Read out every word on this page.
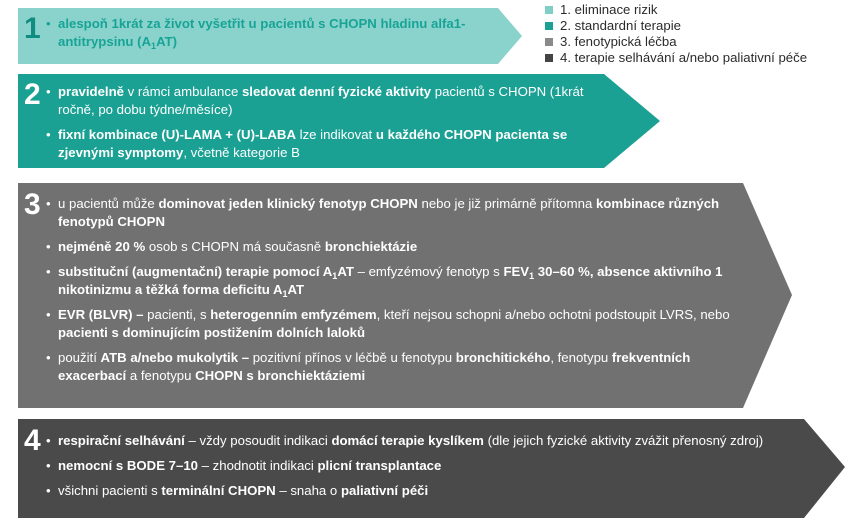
1. eliminace rizik
2. standardní terapie
3. fenotypická léčba
4. terapie selhávání a/nebo paliativní péče
1	• alespoň 1krát za život vyšetřit u pacientů s CHOPN hladinu alfa1-antitrypsinu $(A_1AT)$
2	• pravidelně v rámci ambulance sledovat denní fyzické aktivity pacientů s CHOPN (1krát ročně, po dobu týdne/měsíce)
• fixní kombinace (U)-LAMA + (U)-LABA lze indikovat u každého CHOPN pacienta se zjevnými symptomy, včetně kategorie B
3	• u pacientů může dominovat jeden klinický fenotyp CHOPN nebo je již primárně přítomna kombinace různých fenotypů CHOPN
• nejméně 20 % osob s CHOPN má současně bronchiektázie
• substituční (augmentační) terapie pomocí $A_1AT$ – emfyzémový fenotyp s $FEV_1$ 30–60 %, absence aktivního 1 nikotinizmu a těžká forma deficitu $A_1AT$
• EVR (BLVR) – pacienti, s heterogenním emfyzémem, kteří nejsou schopni a/nebo ochotni podstoupit LVRS, nebo pacienti s dominujícím postižením dolních laloků
• použití ATB a/nebo mukolytik – pozitivní přínos v léčbě u fenotypu bronchitického, fenotypu frekventních exacerbací a fenotypu CHOPN s bronchiektáziemi
4	• respirační selhávání – vždy posoudit indikaci domácí terapie kyslíkem (dle jejich fyzické aktivity zvážit přenosný zdroj)
• nemocní s BODE 7–10 – zhodnotit indikaci plicní transplantace
• všichni pacienti s terminální CHOPN – snaha o paliativní péči
